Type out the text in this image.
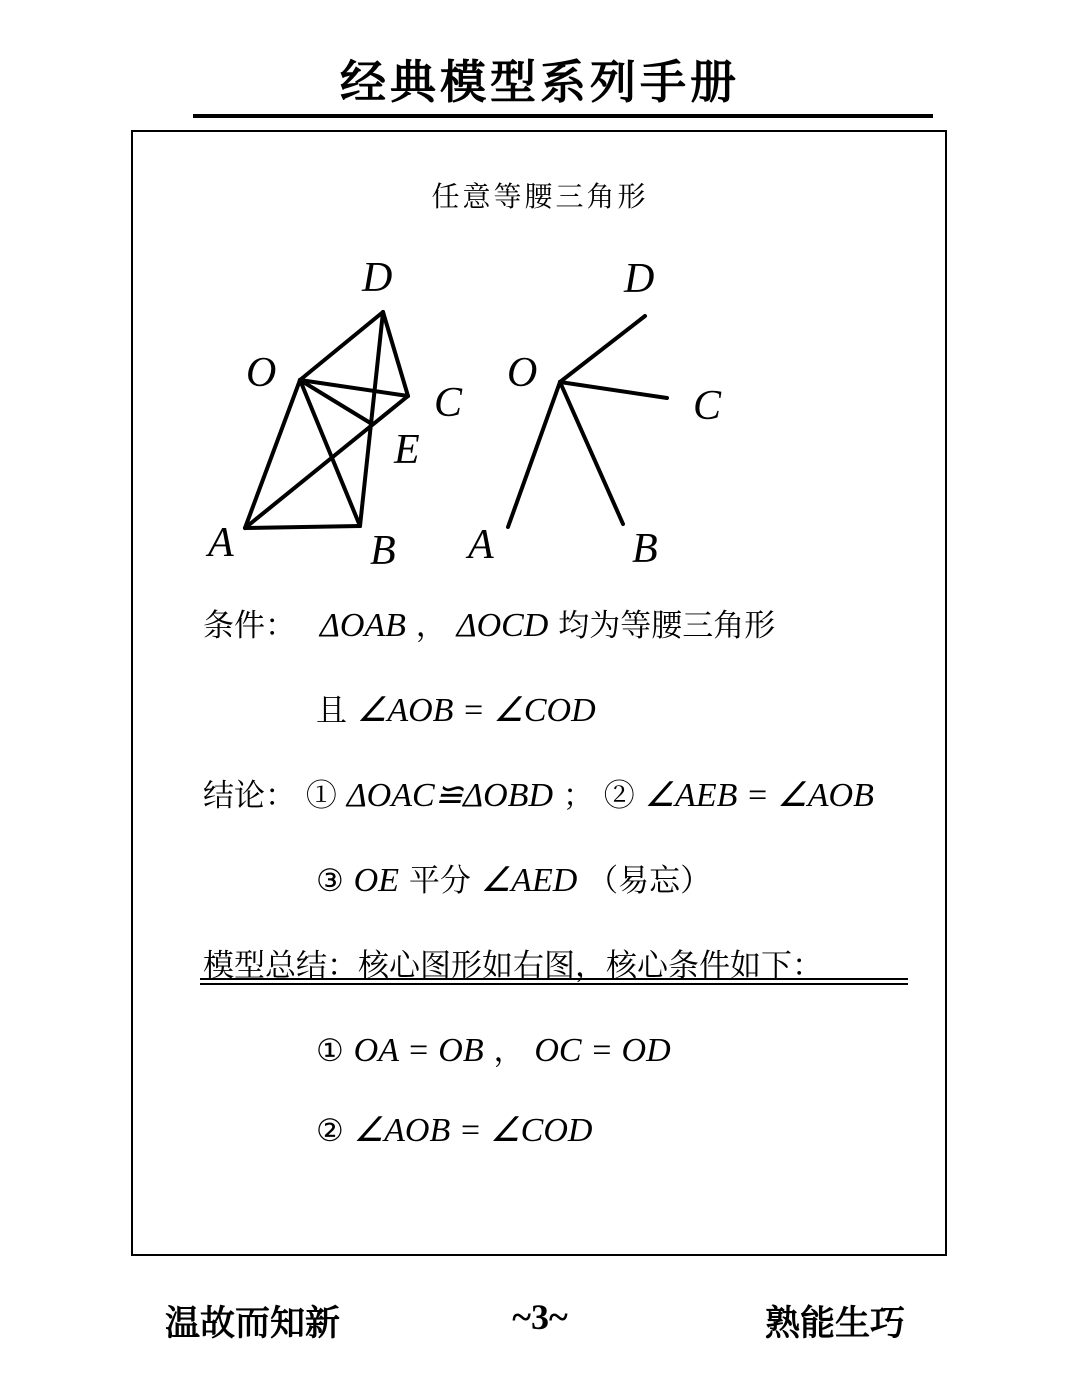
经典模型系列手册
任意等腰三角形
D
O
C
E
A	B
D
O
C
A	B
条件： ΔOAB ， ΔOCD 均为等腰三角形
且 ∠AOB = ∠COD
结论： ① ΔOAC≌ΔOBD ； ② ∠AEB = ∠AOB
③ OE 平分 ∠AED （易忘）
模型总结：核心图形如右图，核心条件如下：
① OA = OB ， OC = OD
② ∠AOB = ∠COD
温故而知新	~3~	熟能生巧
